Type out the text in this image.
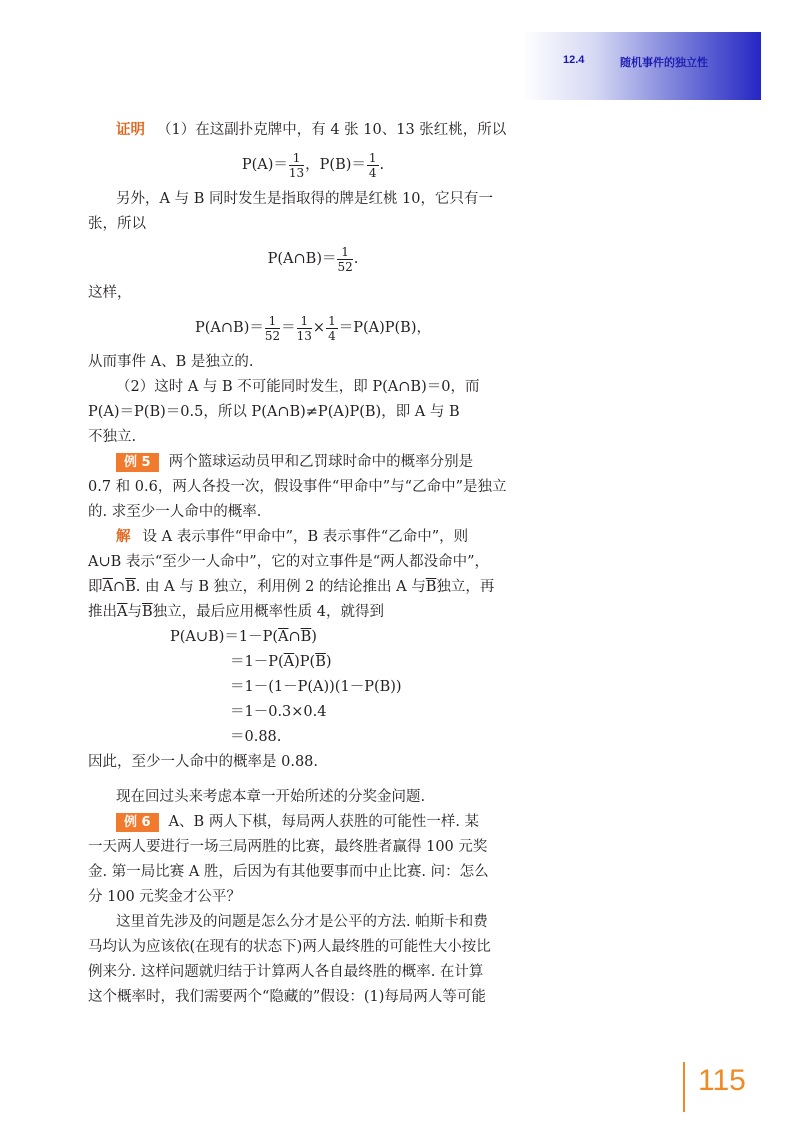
12.4	随机事件的独立性
证明 （1）在这副扑克牌中，有 4 张 10、13 张红桃，所以
$P(A)= \frac{1}{13}$ ，$P(B)= \frac{1}{4}$ .
另外，A 与 B 同时发生是指取得的牌是红桃 10，它只有一
张，所以
P(A∩B)＝ $\frac{1}{52}$ .
这样，
P(A∩B)＝ $\frac{1}{52} = \frac{1}{13} \times \frac{1}{4} =P(A)P(B)$，
从而事件 A、B 是独立的.
（2）这时 A 与 B 不可能同时发生，即 P(A∩B)＝0，而
P(A)＝P(B)＝0.5，所以 P(A∩B)≠P(A)P(B)，即 A 与 B
不独立.
例 5 两个篮球运动员甲和乙罚球时命中的概率分别是
0.7 和 0.6，两人各投一次，假设事件“甲命中”与“乙命中”是独立
的. 求至少一人命中的概率.
解 设 A 表示事件“甲命中”，B 表示事件“乙命中”，则
A∪B 表示“至少一人命中”，它的对立事件是“两人都没命中”，
即$\overline{A}\cap\overline{B}$. 由 A 与 B 独立，利用例 2 的结论推出 A 与$\overline{B}$独立，再
推出$\overline{A}$与$\overline{B}$独立，最后应用概率性质 4，就得到
$P(A\cup B)=1-P(\overline{A}\cap\overline{B})$
$=1-P(\overline{A})P(\overline{B})$
＝1－(1－P(A))(1－P(B))
＝1－0.3×0.4
＝0.88.
因此，至少一人命中的概率是 0.88.
现在回过头来考虑本章一开始所述的分奖金问题.
例 6 A、B 两人下棋，每局两人获胜的可能性一样. 某
一天两人要进行一场三局两胜的比赛，最终胜者赢得 100 元奖
金. 第一局比赛 A 胜，后因为有其他要事而中止比赛. 问：怎么
分 100 元奖金才公平？
这里首先涉及的问题是怎么分才是公平的方法. 帕斯卡和费
马均认为应该依(在现有的状态下)两人最终胜的可能性大小按比
例来分. 这样问题就归结于计算两人各自最终胜的概率. 在计算
这个概率时，我们需要两个“隐藏的”假设：(1)每局两人等可能
115
